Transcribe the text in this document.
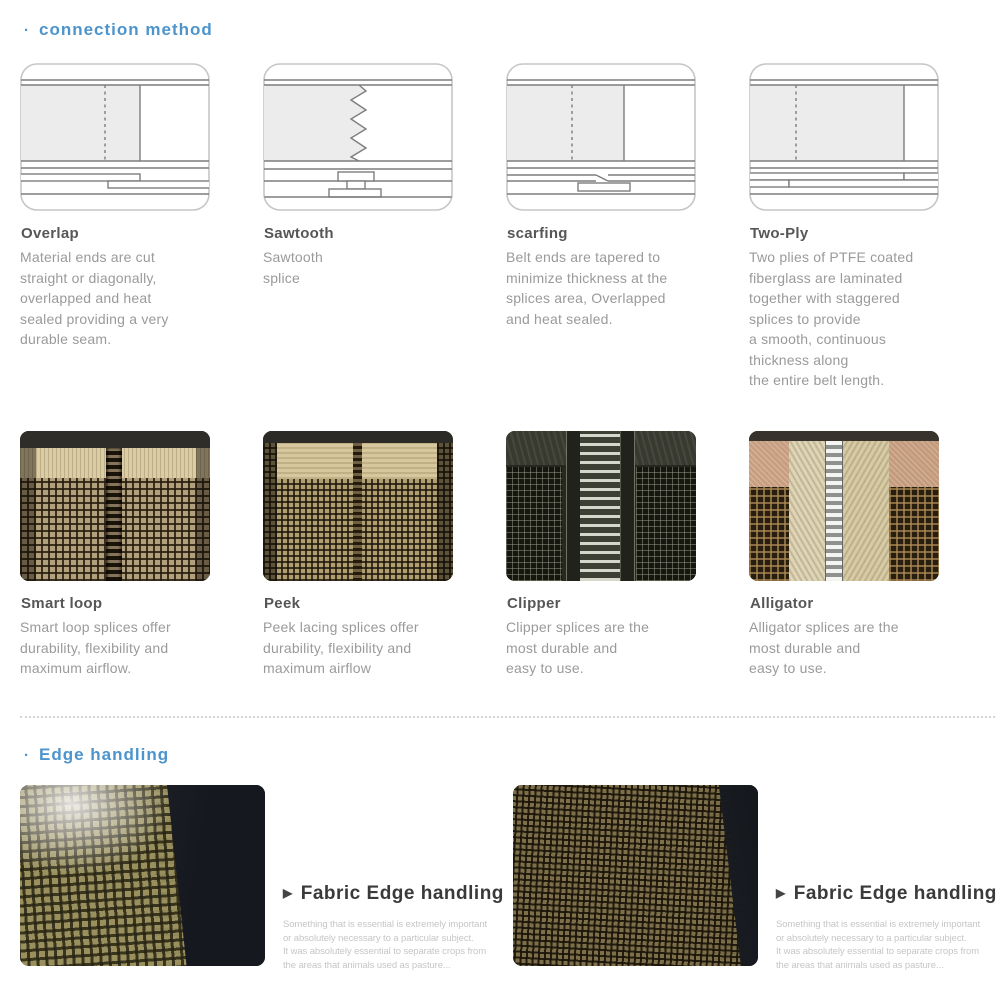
· connection method
Overlap
Material ends are cut
straight or diagonally,
overlapped and heat
sealed providing a very
durable seam.
Sawtooth
Sawtooth
splice
scarfing
Belt ends are tapered to
minimize thickness at the
splices area, Overlapped
and heat sealed.
Two-Ply
Two plies of PTFE coated
fiberglass are laminated
together with staggered
splices to provide
a smooth, continuous
thickness along
the entire belt length.
Smart loop
Smart loop splices offer
durability, flexibility and
maximum airflow.
Peek
Peek lacing splices offer
durability, flexibility and
maximum airflow
Clipper
Clipper splices are the
most durable and
easy to use.
Alligator
Alligator splices are the
most durable and
easy to use.
· Edge handling
▶ Fabric Edge handling
Something that is essential is extremely important
or absolutely necessary to a particular subject.
It was absolutely essential to separate crops from
the areas that animals used as pasture...
▶ Fabric Edge handling
Something that is essential is extremely important
or absolutely necessary to a particular subject.
It was absolutely essential to separate crops from
the areas that animals used as pasture...
